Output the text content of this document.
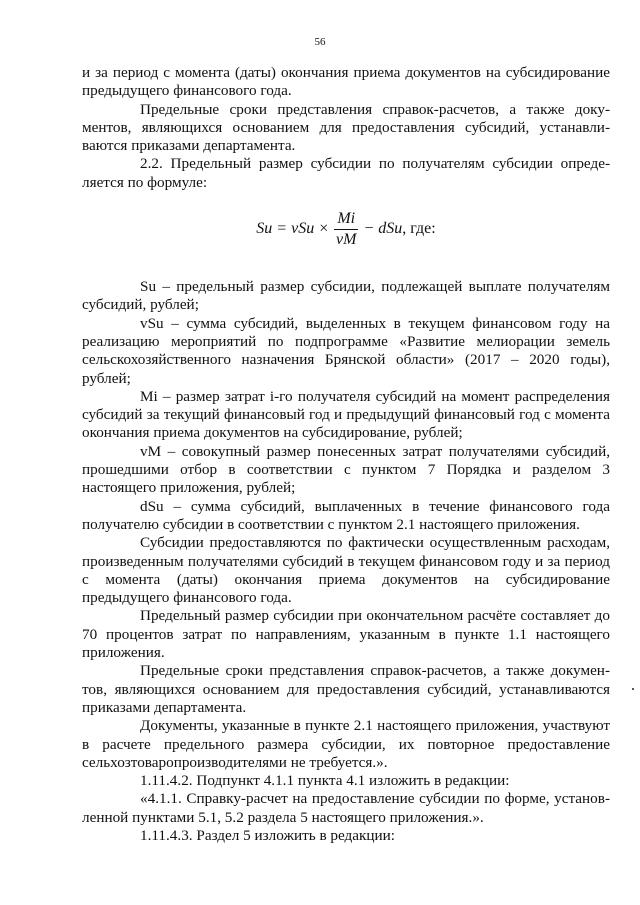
56

и за период с момента (даты) окончания приема документов на субсидирование предыдущего финансового года.

Предельные сроки представления справок-расчетов, а также документов, являющихся основанием для предоставления субсидий, устанавливаются приказами департамента.

2.2. Предельный размер субсидии по получателям субсидии определяется по формуле:

Su = vSu × $\frac{Mi}{vM}$ − dSu , где:

Su – предельный размер субсидии, подлежащей выплате получателям субсидий, рублей;

vSu – сумма субсидий, выделенных в текущем финансовом году на реализацию мероприятий по подпрограмме «Развитие мелиорации земель сельскохозяйственного назначения Брянской области» (2017 – 2020 годы), рублей;

Mi – размер затрат i-го получателя субсидий на момент распределения субсидий за текущий финансовый год и предыдущий финансовый год с момента окончания приема документов на субсидирование, рублей;

vM – совокупный размер понесенных затрат получателями субсидий, прошедшими отбор в соответствии с пунктом 7 Порядка и разделом 3 настоящего приложения, рублей;

dSu – сумма субсидий, выплаченных в течение финансового года получателю субсидии в соответствии с пунктом 2.1 настоящего приложения.

Субсидии предоставляются по фактически осуществленным расходам, произведенным получателями субсидий в текущем финансовом году и за период с момента (даты) окончания приема документов на субсидирование предыдущего финансового года.

Предельный размер субсидии при окончательном расчёте составляет до 70 процентов затрат по направлениям, указанным в пункте 1.1 настоящего приложения.

Предельные сроки представления справок-расчетов, а также документов, являющихся основанием для предоставления субсидий, устанавливаются приказами департамента.

Документы, указанные в пункте 2.1 настоящего приложения, участвуют в расчете предельного размера субсидии, их повторное предоставление сельхозтоваропроизводителями не требуется.».

1.11.4.2. Подпункт 4.1.1 пункта 4.1 изложить в редакции:

«4.1.1. Справку-расчет на предоставление субсидии по форме, установленной пунктами 5.1, 5.2 раздела 5 настоящего приложения.».

1.11.4.3. Раздел 5 изложить в редакции:
